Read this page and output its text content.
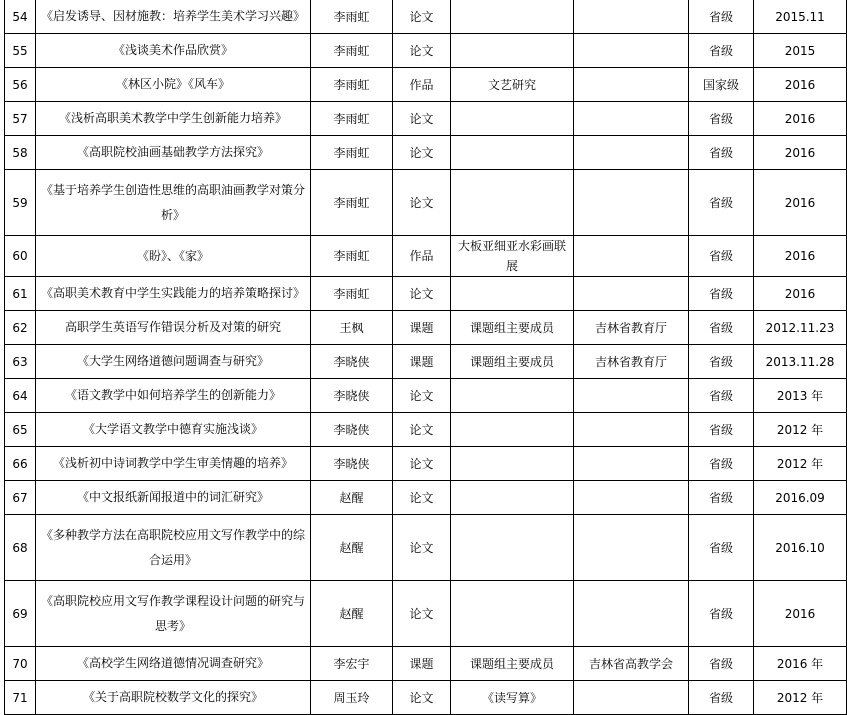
54	《启发诱导、因材施教：培养学生美术学习兴趣》	李雨虹	论文			省级	2015.11
55	《浅谈美术作品欣赏》	李雨虹	论文			省级	2015
56	《林区小院》《风车》	李雨虹	作品	文艺研究		国家级	2016
57	《浅析高职美术教学中学生创新能力培养》	李雨虹	论文			省级	2016
58	《高职院校油画基础教学方法探究》	李雨虹	论文			省级	2016
59	《基于培养学生创造性思维的高职油画教学对策分析》	李雨虹	论文			省级	2016
60	《盼》、《家》	李雨虹	作品	大板亚细亚水彩画联展		省级	2016
61	《高职美术教育中学生实践能力的培养策略探讨》	李雨虹	论文			省级	2016
62	高职学生英语写作错误分析及对策的研究	王枫	课题	课题组主要成员	吉林省教育厅	省级	2012.11.23
63	《大学生网络道德问题调查与研究》	李晓侠	课题	课题组主要成员	吉林省教育厅	省级	2013.11.28
64	《语文教学中如何培养学生的创新能力》	李晓侠	论文			省级	2013 年
65	《大学语文教学中德育实施浅谈》	李晓侠	论文			省级	2012 年
66	《浅析初中诗词教学中学生审美情趣的培养》	李晓侠	论文			省级	2012 年
67	《中文报纸新闻报道中的词汇研究》	赵醒	论文			省级	2016.09
68	《多种教学方法在高职院校应用文写作教学中的综合运用》	赵醒	论文			省级	2016.10
69	《高职院校应用文写作教学课程设计问题的研究与思考》	赵醒	论文			省级	2016
70	《高校学生网络道德情况调查研究》	李宏宇	课题	课题组主要成员	吉林省高教学会	省级	2016 年
71	《关于高职院校数学文化的探究》	周玉玲	论文	《读写算》		省级	2012 年
